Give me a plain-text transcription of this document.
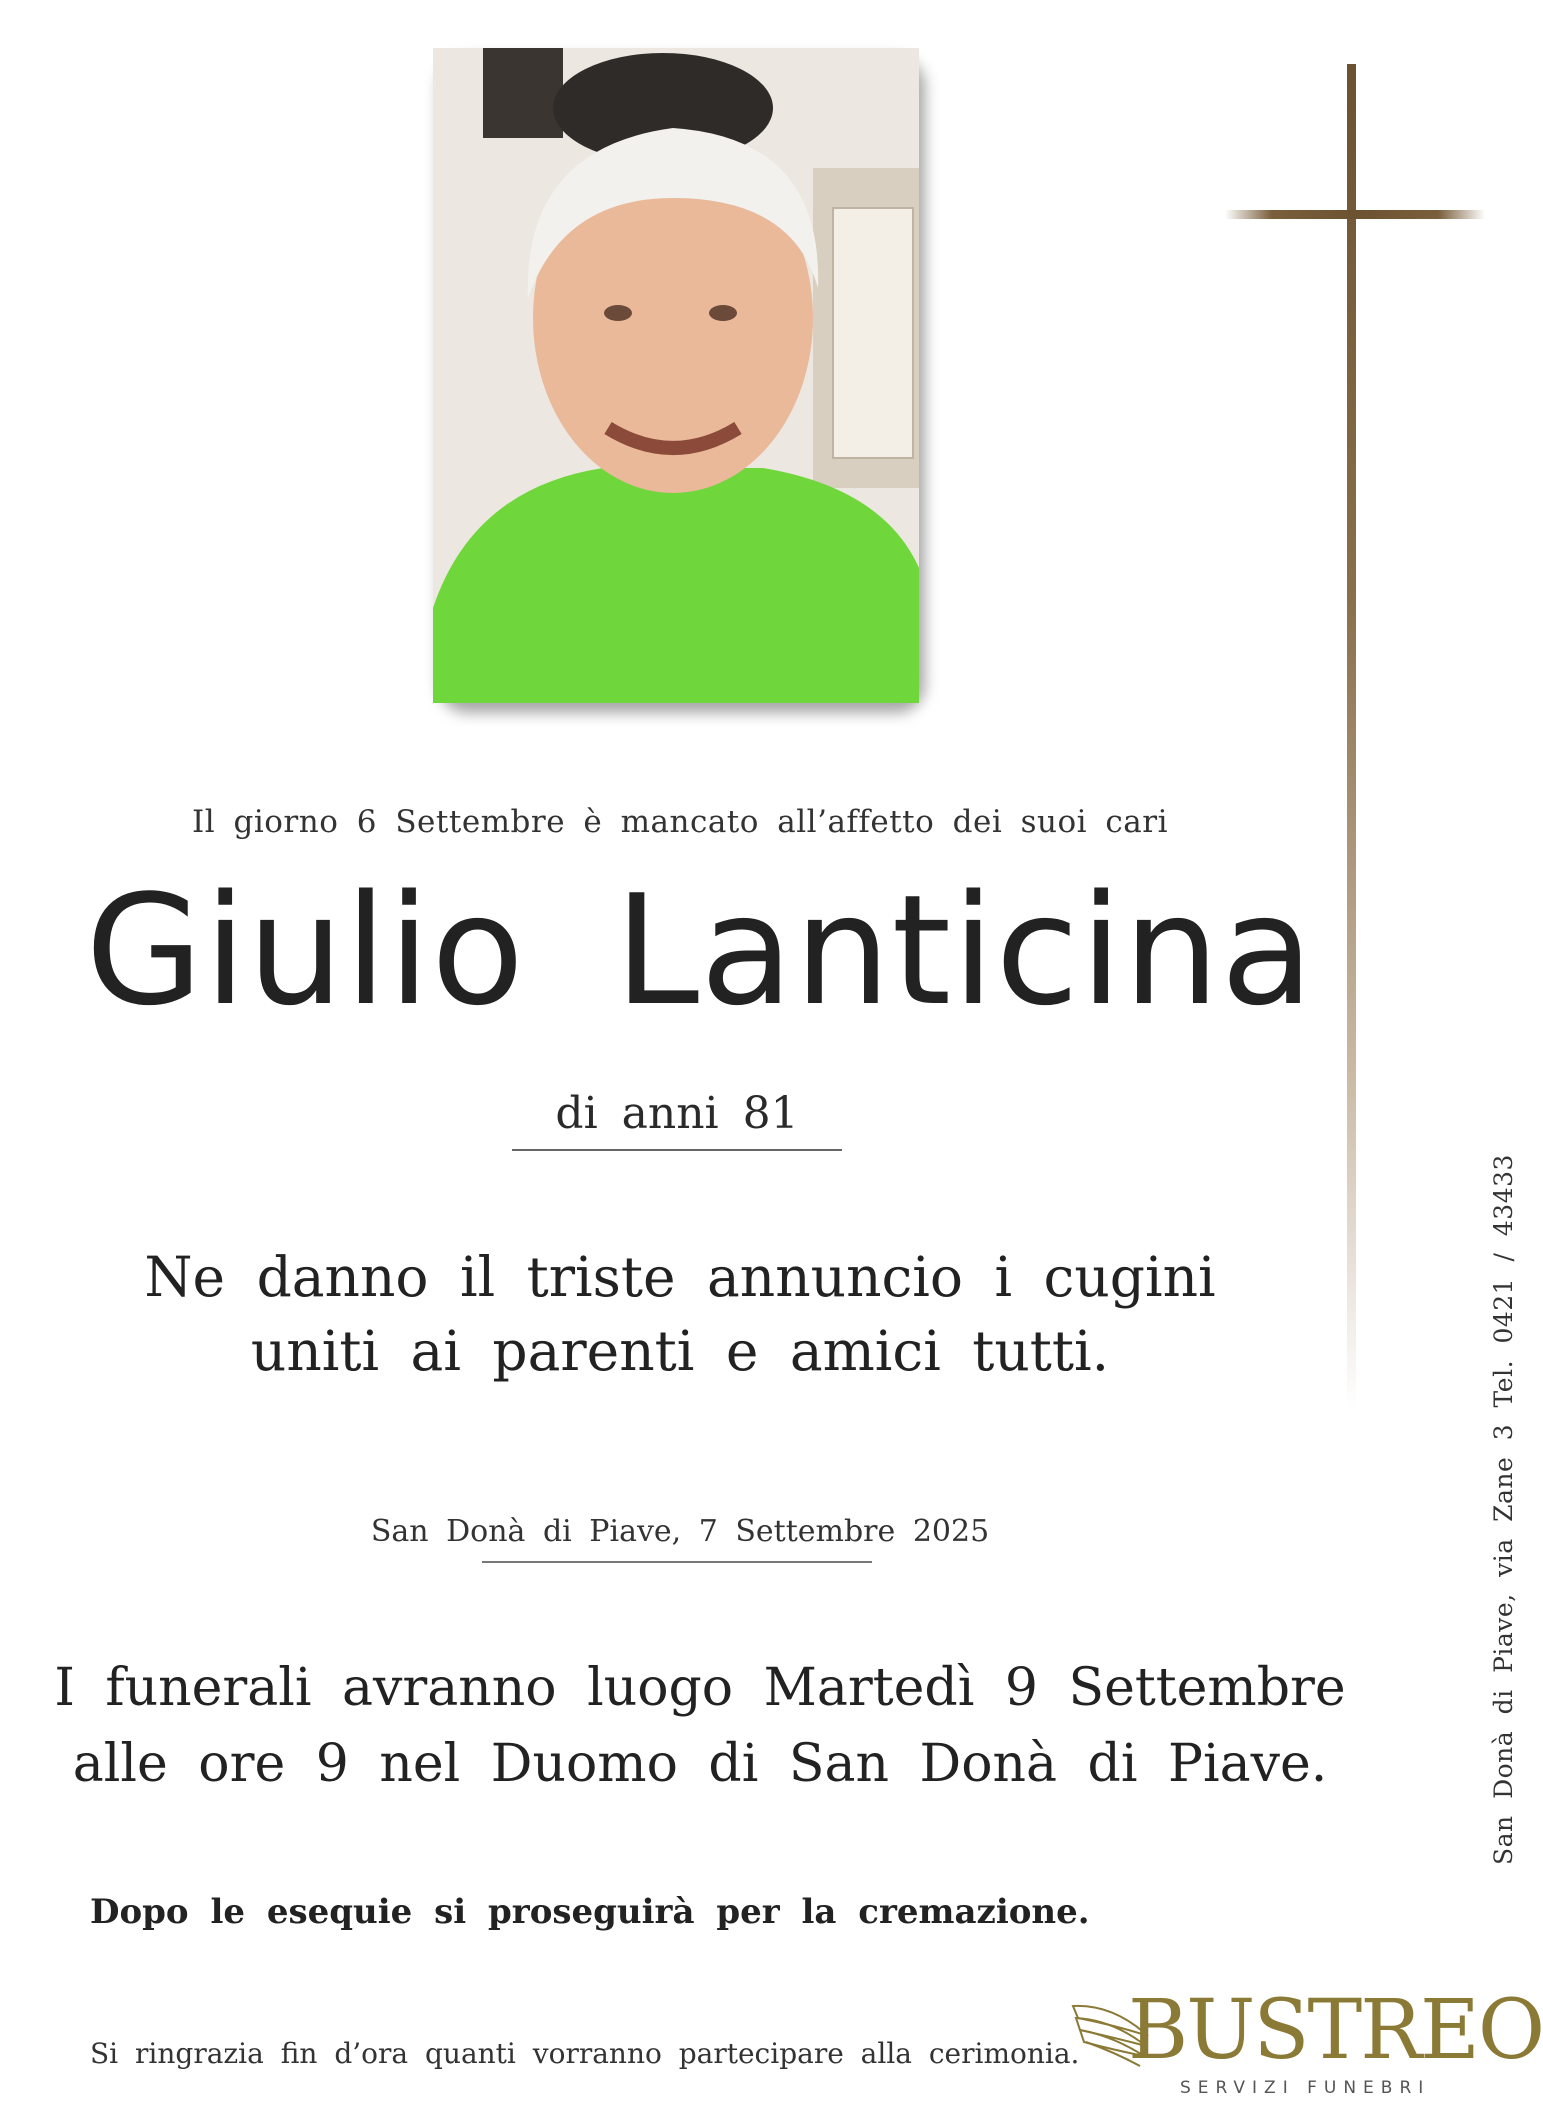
Il giorno 6 Settembre è mancato all’affetto dei suoi cari
Giulio Lanticina
di anni 81
Ne danno il triste annuncio i cugini
uniti ai parenti e amici tutti.
San Donà di Piave, 7 Settembre 2025
I funerali avranno luogo Martedì 9 Settembre
alle ore 9 nel Duomo di San Donà di Piave.
Dopo le esequie si proseguirà per la cremazione.
Si ringrazia fin d’ora quanti vorranno partecipare alla cerimonia.
San Donà di Piave, via Zane 3 Tel. 0421 / 43433
BUSTREO
SERVIZI FUNEBRI
